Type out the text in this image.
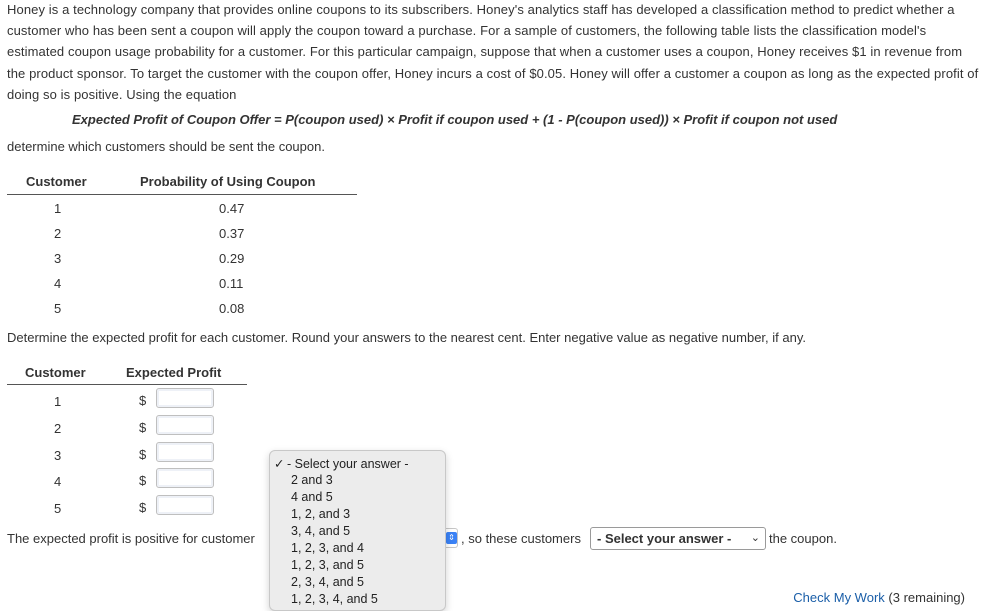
Honey is a technology company that provides online coupons to its subscribers. Honey's analytics staff has developed a classification method to predict whether a customer who has been sent a coupon will apply the coupon toward a purchase. For a sample of customers, the following table lists the classification model's estimated coupon usage probability for a customer. For this particular campaign, suppose that when a customer uses a coupon, Honey receives $1 in revenue from the product sponsor. To target the customer with the coupon offer, Honey incurs a cost of $0.05. Honey will offer a customer a coupon as long as the expected profit of doing so is positive. Using the equation
Expected Profit of Coupon Offer = P(coupon used) × Profit if coupon used + (1 - P(coupon used)) × Profit if coupon not used
determine which customers should be sent the coupon.
Customer	Probability of Using Coupon
1	0.47
2	0.37
3	0.29
4	0.11
5	0.08
Determine the expected profit for each customer. Round your answers to the nearest cent. Enter negative value as negative number, if any.
Customer	Expected Profit
1	$
2	$
3	$
4	$
5	$
The expected profit is positive for customer	⇕ , so these customers	- Select your answer - ⌄ the coupon.
✓ - Select your answer -
2 and 3
4 and 5
1, 2, and 3
3, 4, and 5
1, 2, 3, and 4
1, 2, 3, and 5
2, 3, 4, and 5
1, 2, 3, 4, and 5	Check My Work (3 remaining)
